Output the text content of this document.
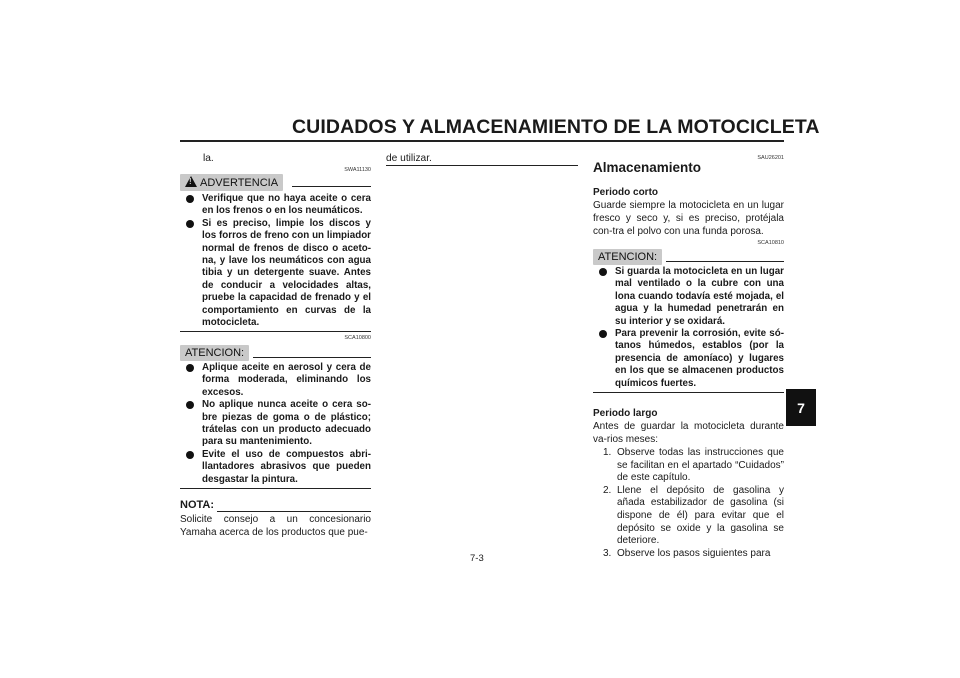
CUIDADOS Y ALMACENAMIENTO DE LA MOTOCICLETA
la.
SWA11130
! ADVERTENCIA
Verifique que no haya aceite o cera en los frenos o en los neumáticos.
Si es preciso, limpie los discos y los forros de freno con un limpiador normal de frenos de disco o aceto-na, y lave los neumáticos con agua tibia y un detergente suave. Antes de conducir a velocidades altas, pruebe la capacidad de frenado y el comportamiento en curvas de la motocicleta.
SCA10800
ATENCION:
Aplique aceite en aerosol y cera de forma moderada, eliminando los excesos.
No aplique nunca aceite o cera so-bre piezas de goma o de plástico; trátelas con un producto adecuado para su mantenimiento.
Evite el uso de compuestos abri-llantadores abrasivos que pueden desgastar la pintura.
NOTA:
Solicite consejo a un concesionario Yamaha acerca de los productos que pue-
de utilizar.	SAU26201
Almacenamiento
Periodo corto
Guarde siempre la motocicleta en un lugar fresco y seco y, si es preciso, protéjala con-tra el polvo con una funda porosa.
SCA10810
ATENCION:
Si guarda la motocicleta en un lugar mal ventilado o la cubre con una lona cuando todavía esté mojada, el agua y la humedad penetrarán en su interior y se oxidará.
Para prevenir la corrosión, evite só-tanos húmedos, establos (por la presencia de amoníaco) y lugares en los que se almacenen productos químicos fuertes.
Periodo largo
Antes de guardar la motocicleta durante va-rios meses:
1. Observe todas las instrucciones que se facilitan en el apartado “Cuidados” de este capítulo.
2. Llene el depósito de gasolina y añada estabilizador de gasolina (si dispone de él) para evitar que el depósito se oxide y la gasolina se deteriore.
3. Observe los pasos siguientes para
7
7-3
